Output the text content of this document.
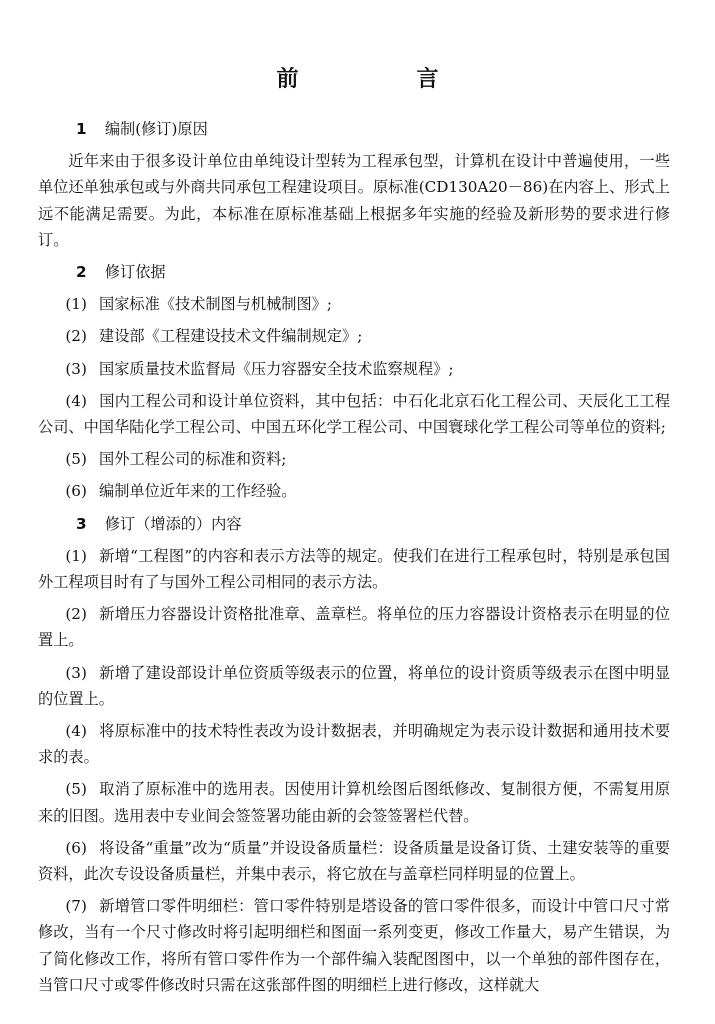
前　言
1 编制(修订)原因
近年来由于很多设计单位由单纯设计型转为工程承包型，计算机在设计中普遍使用，一些单位还单独承包或与外商共同承包工程建设项目。原标准(CD130A20－86)在内容上、形式上远不能满足需要。为此，本标准在原标准基础上根据多年实施的经验及新形势的要求进行修订。
2 修订依据
(1) 国家标准《技术制图与机械制图》;
(2) 建设部《工程建设技术文件编制规定》;
(3) 国家质量技术监督局《压力容器安全技术监察规程》;
(4) 国内工程公司和设计单位资料，其中包括：中石化北京石化工程公司、天辰化工工程公司、中国华陆化学工程公司、中国五环化学工程公司、中国寰球化学工程公司等单位的资料;
(5) 国外工程公司的标准和资料;
(6) 编制单位近年来的工作经验。
3 修订（增添的）内容
(1) 新增“工程图”的内容和表示方法等的规定。使我们在进行工程承包时，特别是承包国外工程项目时有了与国外工程公司相同的表示方法。
(2) 新增压力容器设计资格批准章、盖章栏。将单位的压力容器设计资格表示在明显的位置上。
(3) 新增了建设部设计单位资质等级表示的位置，将单位的设计资质等级表示在图中明显的位置上。
(4) 将原标准中的技术特性表改为设计数据表，并明确规定为表示设计数据和通用技术要求的表。
(5) 取消了原标准中的选用表。因使用计算机绘图后图纸修改、复制很方便，不需复用原来的旧图。选用表中专业间会签签署功能由新的会签签署栏代替。
(6) 将设备“重量”改为“质量”并设设备质量栏：设备质量是设备订货、土建安装等的重要资料，此次专设设备质量栏，并集中表示，将它放在与盖章栏同样明显的位置上。
(7) 新增管口零件明细栏：管口零件特别是塔设备的管口零件很多，而设计中管口尺寸常修改，当有一个尺寸修改时将引起明细栏和图面一系列变更，修改工作量大，易产生错误，为了简化修改工作，将所有管口零件作为一个部件编入装配图图中，以一个单独的部件图存在，当管口尺寸或零件修改时只需在这张部件图的明细栏上进行修改，这样就大
